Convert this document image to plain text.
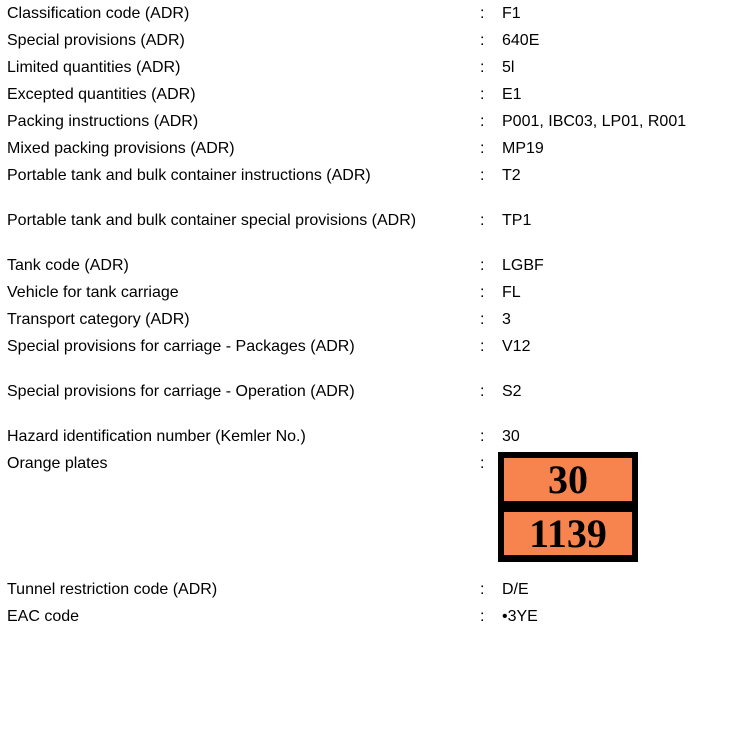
Classification code (ADR)	: F1
Special provisions (ADR)	: 640E
Limited quantities (ADR)	: 5l
Excepted quantities (ADR)	: E1
Packing instructions (ADR)	: P001, IBC03, LP01, R001
Mixed packing provisions (ADR)	: MP19
Portable tank and bulk container instructions (ADR)	: T2
Portable tank and bulk container special provisions (ADR)	: TP1
Tank code (ADR)	: LGBF
Vehicle for tank carriage	: FL
Transport category (ADR)	: 3
Special provisions for carriage - Packages (ADR)	: V12
Special provisions for carriage - Operation (ADR)	: S2
Hazard identification number (Kemler No.)	: 30
Orange plates	:	30
1139
Tunnel restriction code (ADR)	: D/E
EAC code	: •3YE
